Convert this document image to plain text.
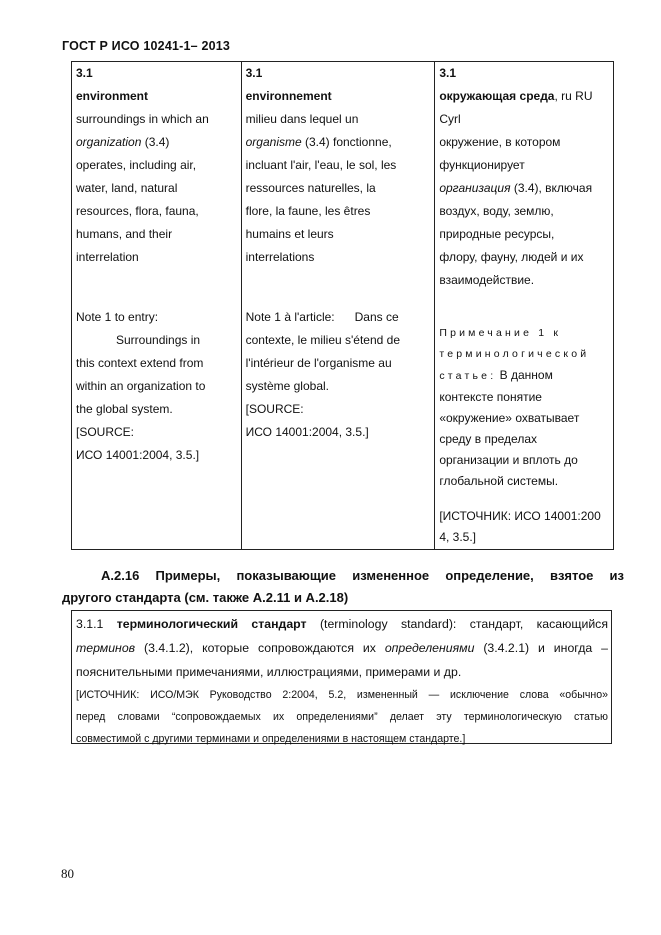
ГОСТ Р ИСО 10241-1– 2013
3.1
environment
surroundings in which an
organization (3.4)
operates, including air,
water, land, natural
resources, flora, fauna,
humans, and their
interrelation
Note 1 to entry:
Surroundings in
this context extend from
within an organization to
the global system.
[SOURCE:
ИСО 14001:2004, 3.5.]

3.1
environnement
milieu dans lequel un
organisme (3.4) fonctionne,
incluant l'air, l'eau, le sol, les
ressources naturelles, la
flore, la faune, les êtres
humains et leurs
interrelations
Note 1 à l'article: Dans ce
contexte, le milieu s'étend de
l'intérieur de l'organisme au
système global.
[SOURCE:
ИСО 14001:2004, 3.5.]

3.1
окружающая среда, ru RU
Cyrl
окружение, в котором
функционирует
организация (3.4), включая
воздух, воду, землю,
природные ресурсы,
флору, фауну, людей и их
взаимодействие.
Примечание 1 к
терминологической
статье: В данном
контексте понятие
«окружение» охватывает
среду в пределах
организации и вплоть до
глобальной системы.
[ИСТОЧНИК: ИСО 14001:200
4, 3.5.]
А.2.16 Примеры, показывающие измененное определение, взятое из
другого стандарта (см. также А.2.11 и А.2.18)
3.1.1 терминологический стандарт (terminology standard): стандарт, касающийся
терминов (3.4.1.2), которые сопровождаются их определениями (3.4.2.1) и иногда –
пояснительными примечаниями, иллюстрациями, примерами и др.
[ИСТОЧНИК: ИСО/МЭК Руководство 2:2004, 5.2, измененный — исключение слова «обычно»
перед словами “сопровождаемых их определениями” делает эту терминологическую статью
совместимой с другими терминами и определениями в настоящем стандарте.]
80
